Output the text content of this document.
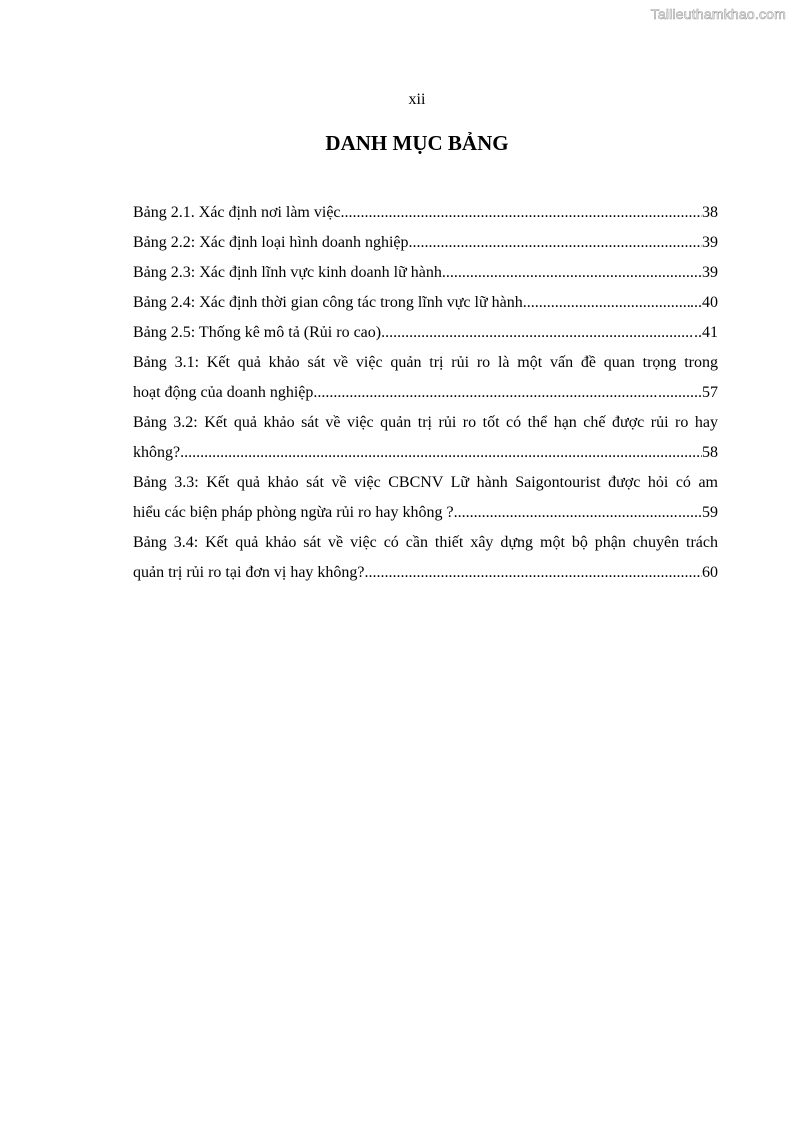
Tailieuthamkhao.com
xii
DANH MỤC BẢNG
Bảng 2.1. Xác định nơi làm việc .....	38
Bảng 2.2: Xác định loại hình doanh nghiệp .....	39
Bảng 2.3: Xác định lĩnh vực kinh doanh lữ hành .....	.39
Bảng 2.4: Xác định thời gian công tác trong lĩnh vực lữ hành .....	...40
Bảng 2.5: Thống kê mô tả (Rủi ro cao) .....	..41
Bảng 3.1: Kết quả khảo sát về việc quản trị rủi ro là một vấn đề quan trọng trong
hoạt động của doanh nghiệp .....	...........57
Bảng 3.2: Kết quả khảo sát về việc quản trị rủi ro tốt có thể hạn chế được rủi ro hay
không? .....	58
Bảng 3.3: Kết quả khảo sát về việc CBCNV Lữ hành Saigontourist được hỏi có am
hiểu các biện pháp phòng ngừa rủi ro hay không ? .....	......59
Bảng 3.4: Kết quả khảo sát về việc có cần thiết xây dựng một bộ phận chuyên trách
quản trị rủi ro tại đơn vị hay không? .....	60
